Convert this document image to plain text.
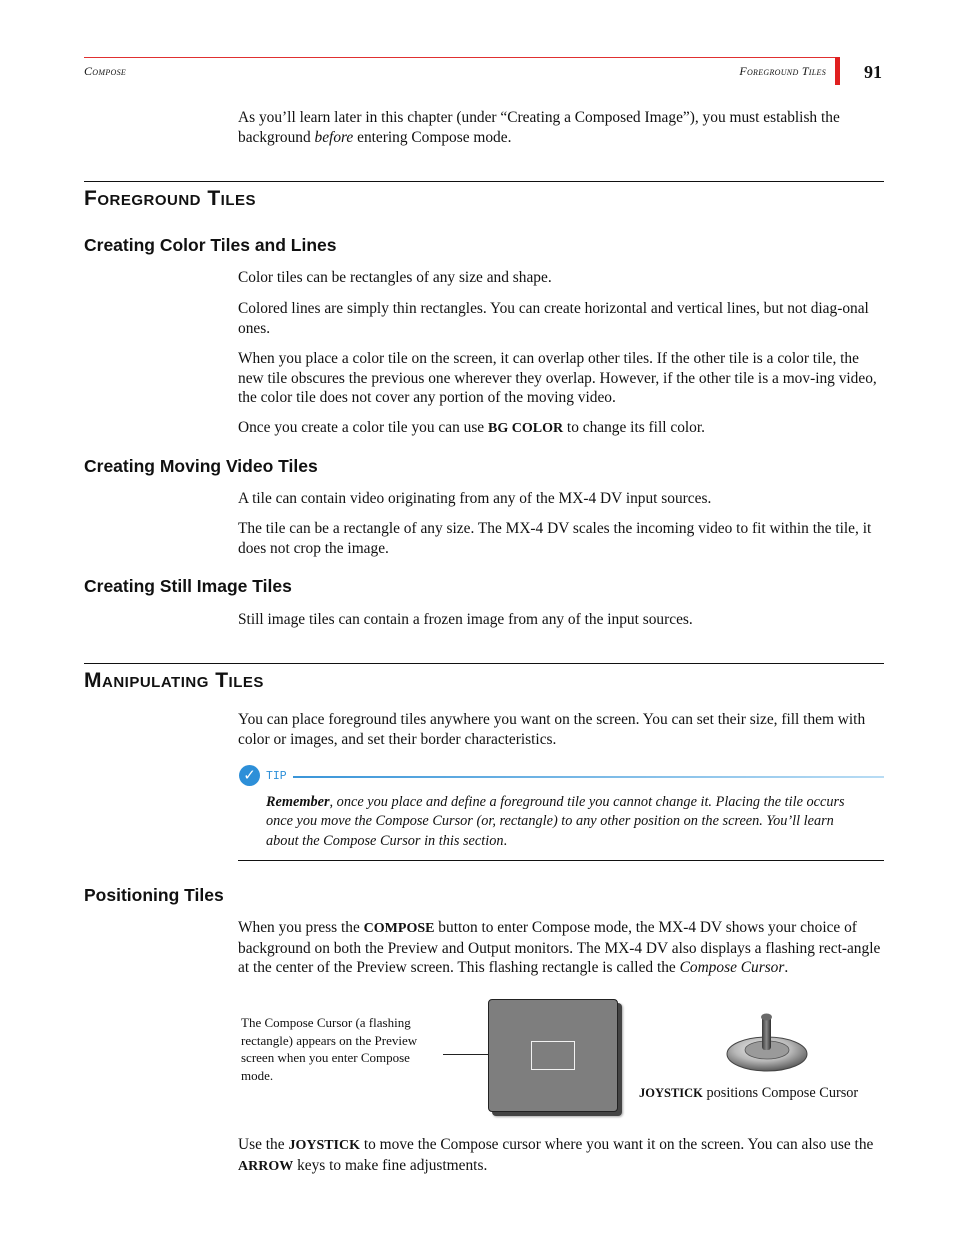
Compose	Foreground Tiles 91
As you’ll learn later in this chapter (under “Creating a Composed Image”), you must establish the background before entering Compose mode.
Foreground Tiles
Creating Color Tiles and Lines
Color tiles can be rectangles of any size and shape.
Colored lines are simply thin rectangles. You can create horizontal and vertical lines, but not diag-onal ones.
When you place a color tile on the screen, it can overlap other tiles. If the other tile is a color tile, the new tile obscures the previous one wherever they overlap. However, if the other tile is a mov-ing video, the color tile does not cover any portion of the moving video.
Once you create a color tile you can use BG COLOR to change its fill color.
Creating Moving Video Tiles
A tile can contain video originating from any of the MX-4 DV input sources.
The tile can be a rectangle of any size. The MX-4 DV scales the incoming video to fit within the tile, it does not crop the image.
Creating Still Image Tiles
Still image tiles can contain a frozen image from any of the input sources.
Manipulating Tiles
You can place foreground tiles anywhere you want on the screen. You can set their size, fill them with color or images, and set their border characteristics.
✓ TIP
Remember, once you place and define a foreground tile you cannot change it. Placing the tile occurs once you move the Compose Cursor (or, rectangle) to any other position on the screen. You’ll learn about the Compose Cursor in this section.
Positioning Tiles
When you press the COMPOSE button to enter Compose mode, the MX-4 DV shows your choice of background on both the Preview and Output monitors. The MX-4 DV also displays a flashing rect-angle at the center of the Preview screen. This flashing rectangle is called the Compose Cursor.
The Compose Cursor (a flashing rectangle) appears on the Preview screen when you enter Compose mode.
JOYSTICK positions Compose Cursor
Use the JOYSTICK to move the Compose cursor where you want it on the screen. You can also use the ARROW keys to make fine adjustments.
